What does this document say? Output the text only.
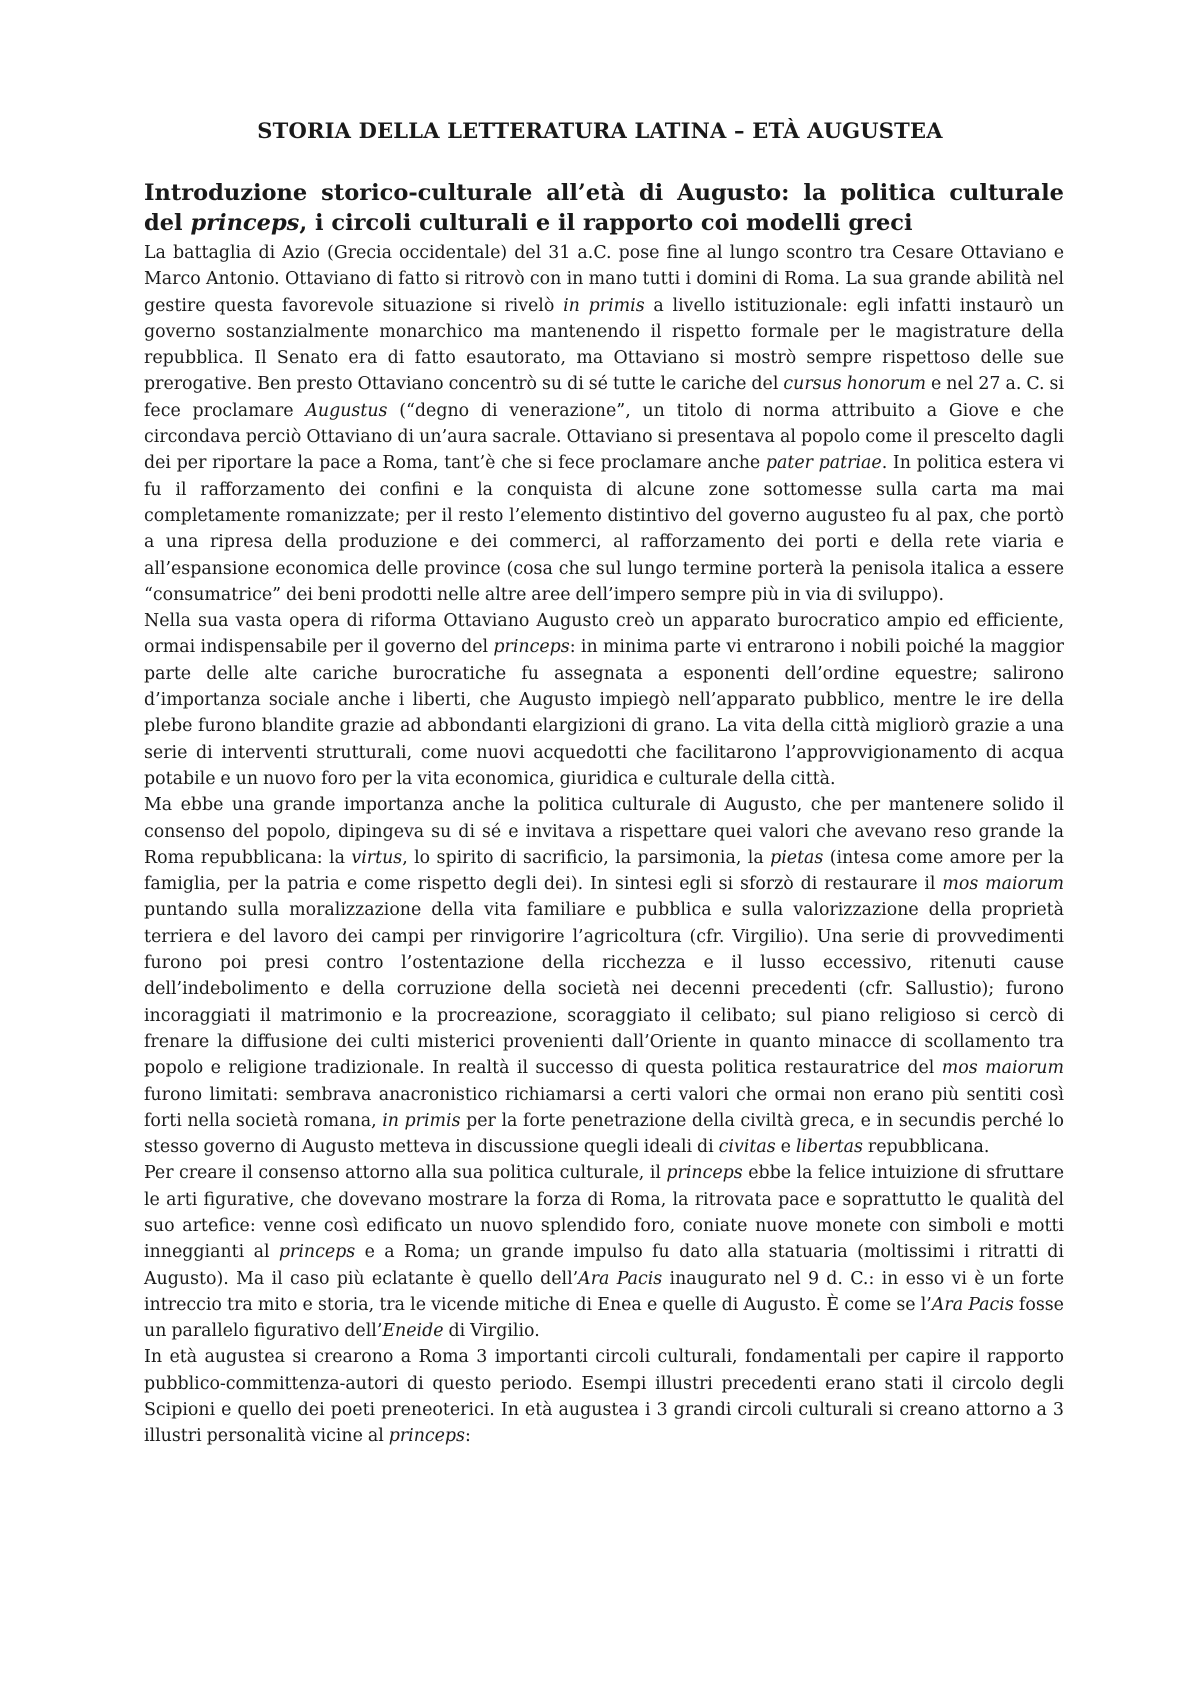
STORIA DELLA LETTERATURA LATINA – ETÀ AUGUSTEA
Introduzione storico-culturale all’età di Augusto: la politica culturale del princeps, i circoli culturali e il rapporto coi modelli greci

La battaglia di Azio (Grecia occidentale) del 31 a.C. pose fine al lungo scontro tra Cesare Ottaviano e Marco Antonio. Ottaviano di fatto si ritrovò con in mano tutti i domini di Roma. La sua grande abilità nel gestire questa favorevole situazione si rivelò in primis a livello istituzionale: egli infatti instaurò un governo sostanzialmente monarchico ma mantenendo il rispetto formale per le magistrature della repubblica. Il Senato era di fatto esautorato, ma Ottaviano si mostrò sempre rispettoso delle sue prerogative. Ben presto Ottaviano concentrò su di sé tutte le cariche del cursus honorum e nel 27 a. C. si fece proclamare Augustus (“degno di venerazione”, un titolo di norma attribuito a Giove e che circondava perciò Ottaviano di un’aura sacrale. Ottaviano si presentava al popolo come il prescelto dagli dei per riportare la pace a Roma, tant’è che si fece proclamare anche pater patriae. In politica estera vi fu il rafforzamento dei confini e la conquista di alcune zone sottomesse sulla carta ma mai completamente romanizzate; per il resto l’elemento distintivo del governo augusteo fu al pax, che portò a una ripresa della produzione e dei commerci, al rafforzamento dei porti e della rete viaria e all’espansione economica delle province (cosa che sul lungo termine porterà la penisola italica a essere “consumatrice” dei beni prodotti nelle altre aree dell’impero sempre più in via di sviluppo).

Nella sua vasta opera di riforma Ottaviano Augusto creò un apparato burocratico ampio ed efficiente, ormai indispensabile per il governo del princeps: in minima parte vi entrarono i nobili poiché la maggior parte delle alte cariche burocratiche fu assegnata a esponenti dell’ordine equestre; salirono d’importanza sociale anche i liberti, che Augusto impiegò nell’apparato pubblico, mentre le ire della plebe furono blandite grazie ad abbondanti elargizioni di grano. La vita della città migliorò grazie a una serie di interventi strutturali, come nuovi acquedotti che facilitarono l’approvvigionamento di acqua potabile e un nuovo foro per la vita economica, giuridica e culturale della città.

Ma ebbe una grande importanza anche la politica culturale di Augusto, che per mantenere solido il consenso del popolo, dipingeva su di sé e invitava a rispettare quei valori che avevano reso grande la Roma repubblicana: la virtus, lo spirito di sacrificio, la parsimonia, la pietas (intesa come amore per la famiglia, per la patria e come rispetto degli dei). In sintesi egli si sforzò di restaurare il mos maiorum puntando sulla moralizzazione della vita familiare e pubblica e sulla valorizzazione della proprietà terriera e del lavoro dei campi per rinvigorire l’agricoltura (cfr. Virgilio). Una serie di provvedimenti furono poi presi contro l’ostentazione della ricchezza e il lusso eccessivo, ritenuti cause dell’indebolimento e della corruzione della società nei decenni precedenti (cfr. Sallustio); furono incoraggiati il matrimonio e la procreazione, scoraggiato il celibato; sul piano religioso si cercò di frenare la diffusione dei culti misterici provenienti dall’Oriente in quanto minacce di scollamento tra popolo e religione tradizionale. In realtà il successo di questa politica restauratrice del mos maiorum furono limitati: sembrava anacronistico richiamarsi a certi valori che ormai non erano più sentiti così forti nella società romana, in primis per la forte penetrazione della civiltà greca, e in secundis perché lo stesso governo di Augusto metteva in discussione quegli ideali di civitas e libertas repubblicana.

Per creare il consenso attorno alla sua politica culturale, il princeps ebbe la felice intuizione di sfruttare le arti figurative, che dovevano mostrare la forza di Roma, la ritrovata pace e soprattutto le qualità del suo artefice: venne così edificato un nuovo splendido foro, coniate nuove monete con simboli e motti inneggianti al princeps e a Roma; un grande impulso fu dato alla statuaria (moltissimi i ritratti di Augusto). Ma il caso più eclatante è quello dell’Ara Pacis inaugurato nel 9 d. C.: in esso vi è un forte intreccio tra mito e storia, tra le vicende mitiche di Enea e quelle di Augusto. È come se l’Ara Pacis fosse un parallelo figurativo dell’Eneide di Virgilio.

In età augustea si crearono a Roma 3 importanti circoli culturali, fondamentali per capire il rapporto pubblico-committenza-autori di questo periodo. Esempi illustri precedenti erano stati il circolo degli Scipioni e quello dei poeti preneoterici. In età augustea i 3 grandi circoli culturali si creano attorno a 3 illustri personalità vicine al princeps:
